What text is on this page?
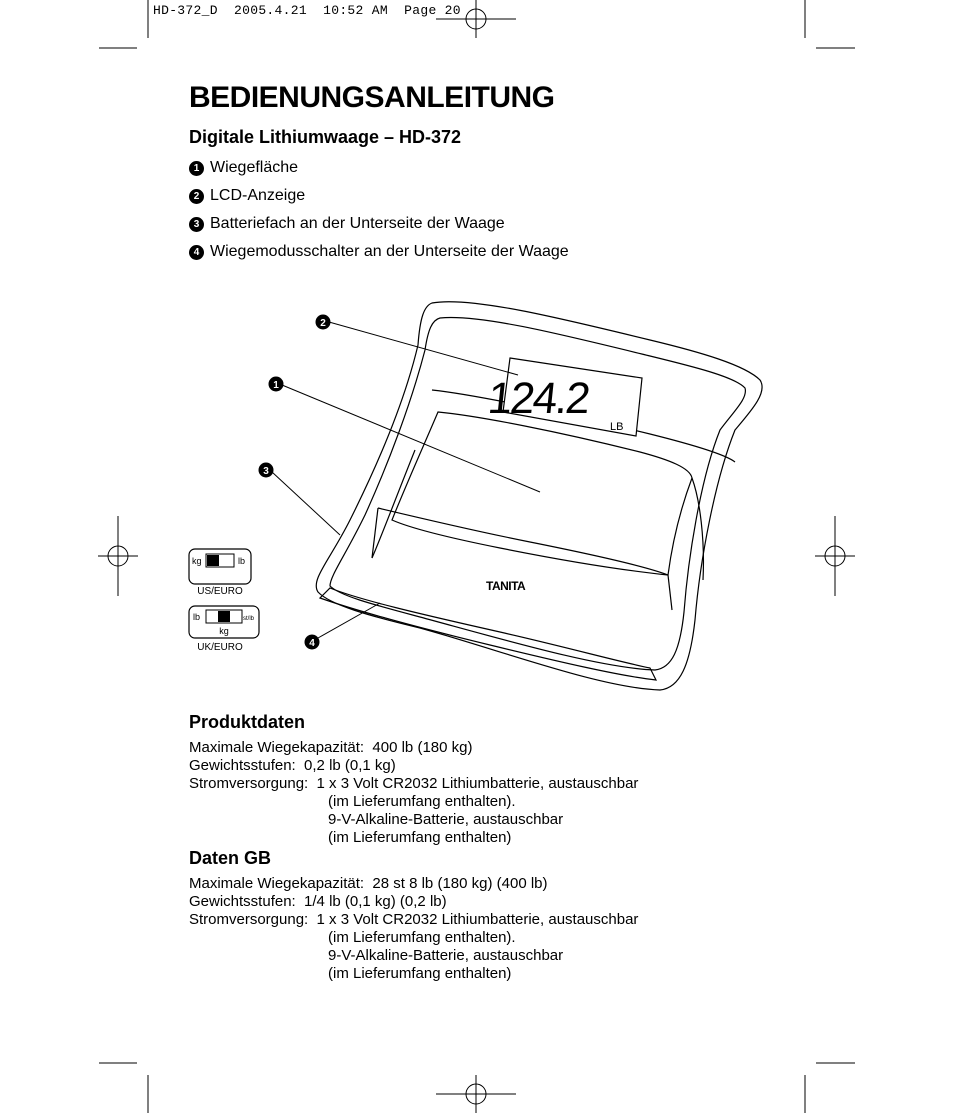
HD-372_D  2005.4.21  10:52 AM  Page 20
BEDIENUNGSANLEITUNG
Digitale Lithiumwaage – HD-372
1 Wiegefläche
2 LCD-Anzeige
3 Batteriefach an der Unterseite der Waage
4 Wiegemodusschalter an der Unterseite der Waage
124.2
LB
TANITA
2
1
3
4
kg	lb
US/EURO
lb	st/lb
kg
UK/EURO
Produktdaten
Maximale Wiegekapazität:  400 lb (180 kg)
Gewichtsstufen:  0,2 lb (0,1 kg)
Stromversorgung:  1 x 3 Volt CR2032 Lithiumbatterie, austauschbar
(im Lieferumfang enthalten).
9-V-Alkaline-Batterie, austauschbar
(im Lieferumfang enthalten)
Daten GB
Maximale Wiegekapazität:  28 st 8 lb (180 kg) (400 lb)
Gewichtsstufen:  1/4 lb (0,1 kg) (0,2 lb)
Stromversorgung:  1 x 3 Volt CR2032 Lithiumbatterie, austauschbar
(im Lieferumfang enthalten).
9-V-Alkaline-Batterie, austauschbar
(im Lieferumfang enthalten)
